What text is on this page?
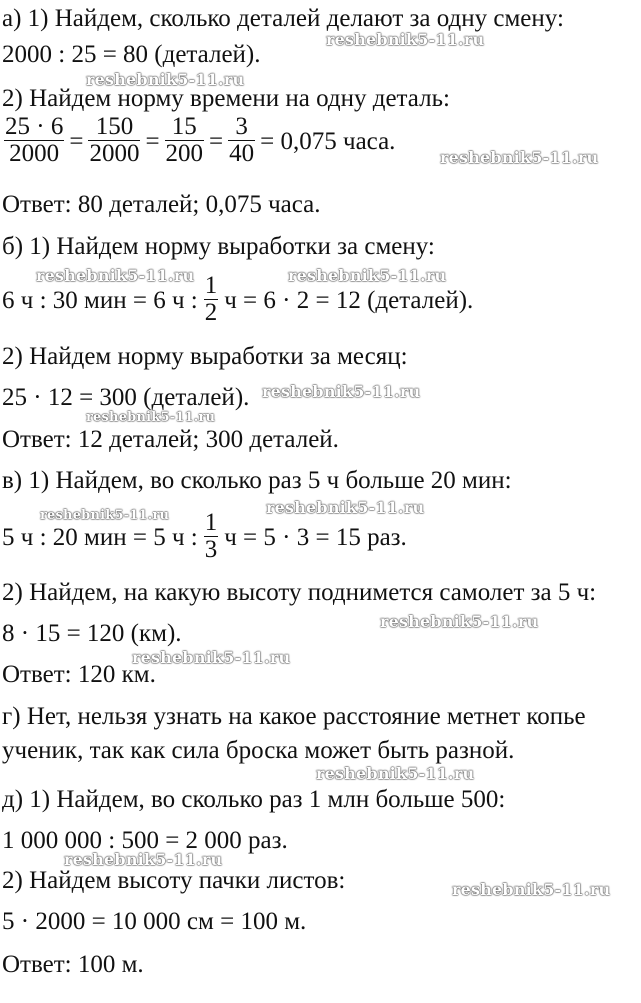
а) 1) Найдем, сколько деталей делают за одну смену:
2000 : 25 = 80 (деталей).
2) Найдем норму времени на одну деталь:
$\frac{25 \cdot 6}{2000} = \frac{150}{2000} = \frac{15}{200} = \frac{3}{40} = 0,075$ часа.
Ответ: 80 деталей; 0,075 часа.
б) 1) Найдем норму выработки за смену:
6 ч : 30 мин = 6 ч : $\frac{1}{2}$ ч = 6 · 2 = 12 (деталей).
2) Найдем норму выработки за месяц:
25 · 12 = 300 (деталей).
Ответ: 12 деталей; 300 деталей.
в) 1) Найдем, во сколько раз 5 ч больше 20 мин:
5 ч : 20 мин = 5 ч : $\frac{1}{3}$ ч = 5 · 3 = 15 раз.
2) Найдем, на какую высоту поднимется самолет за 5 ч:
8 · 15 = 120 (км).
Ответ: 120 км.
г) Нет, нельзя узнать на какое расстояние метнет копье
ученик, так как сила броска может быть разной.
д) 1) Найдем, во сколько раз 1 млн больше 500:
1 000 000 : 500 = 2 000 раз.
2) Найдем высоту пачки листов:
5 · 2000 = 10 000 см = 100 м.
Ответ: 100 м.
reshebnik5-11.ru
reshebnik5-11.ru
reshebnik5-11.ru
reshebnik5-11.ru	reshebnik5-11.ru
reshebnik5-11.ru
reshebnik5-11.ru
reshebnik5-11.ru
reshebnik5-11.ru
reshebnik5-11.ru
reshebnik5-11.ru
reshebnik5-11.ru
reshebnik5-11.ru
reshebnik5-11.ru
